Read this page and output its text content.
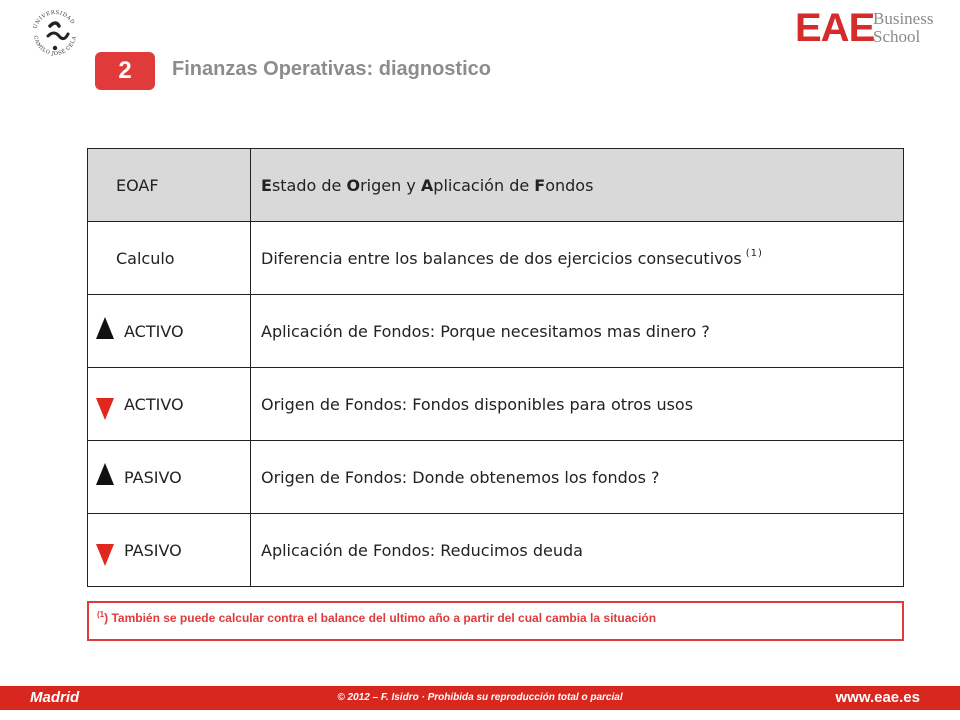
UNIVERSIDAD
CAMILO JOSÉ CELA	EAE
Business
School
2	Finanzas Operativas: diagnostico
EOAF	Estado de Origen y Aplicación de Fondos
Calculo	Diferencia entre los balances de dos ejercicios consecutivos $^{(1)}$

ACTIVO	Aplicación de Fondos: Porque necesitamos mas dinero ?

ACTIVO	Origen de Fondos: Fondos disponibles para otros usos

PASIVO	Origen de Fondos: Donde obtenemos los fondos ?

PASIVO	Aplicación de Fondos: Reducimos deuda
$^{(1}$) También se puede calcular contra el balance del ultimo año a partir del cual cambia la situación
Madrid	© 2012 – F. Isidro · Prohibida su reproducción total o parcial	www.eae.es
